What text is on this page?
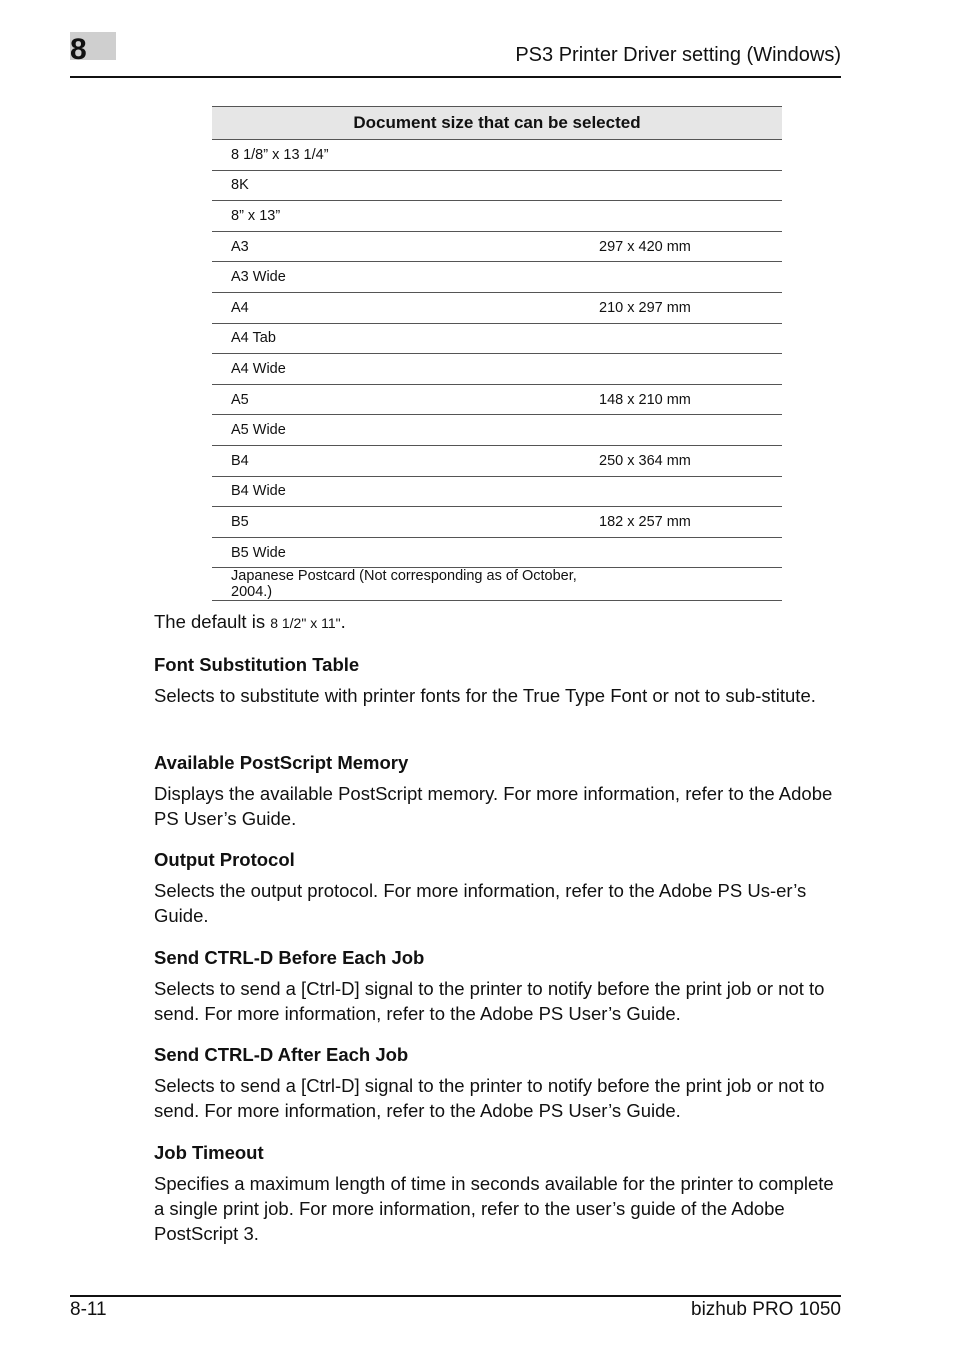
8	PS3 Printer Driver setting (Windows)
Document size that can be selected	
8 1/8” x 13 1/4”	
8K	
8” x 13”	
A3	297 x 420 mm
A3 Wide	
A4	210 x 297 mm
A4 Tab	
A4 Wide	
A5	148 x 210 mm
A5 Wide	
B4	250 x 364 mm
B4 Wide	
B5	182 x 257 mm
B5 Wide	
Japanese Postcard (Not corresponding as of October, 2004.)	
The default is 8 1/2" x 11".
Font Substitution Table

Selects to substitute with printer fonts for the True Type Font or not to sub-stitute.

Available PostScript Memory

Displays the available PostScript memory. For more information, refer to the Adobe PS User’s Guide.

Output Protocol

Selects the output protocol. For more information, refer to the Adobe PS Us-er’s Guide.

Send CTRL-D Before Each Job

Selects to send a [Ctrl-D] signal to the printer to notify before the print job or not to send. For more information, refer to the Adobe PS User’s Guide.

Send CTRL-D After Each Job

Selects to send a [Ctrl-D] signal to the printer to notify before the print job or not to send. For more information, refer to the Adobe PS User’s Guide.

Job Timeout

Specifies a maximum length of time in seconds available for the printer to complete a single print job. For more information, refer to the user’s guide of the Adobe PostScript 3.

8-11	bizhub PRO 1050
